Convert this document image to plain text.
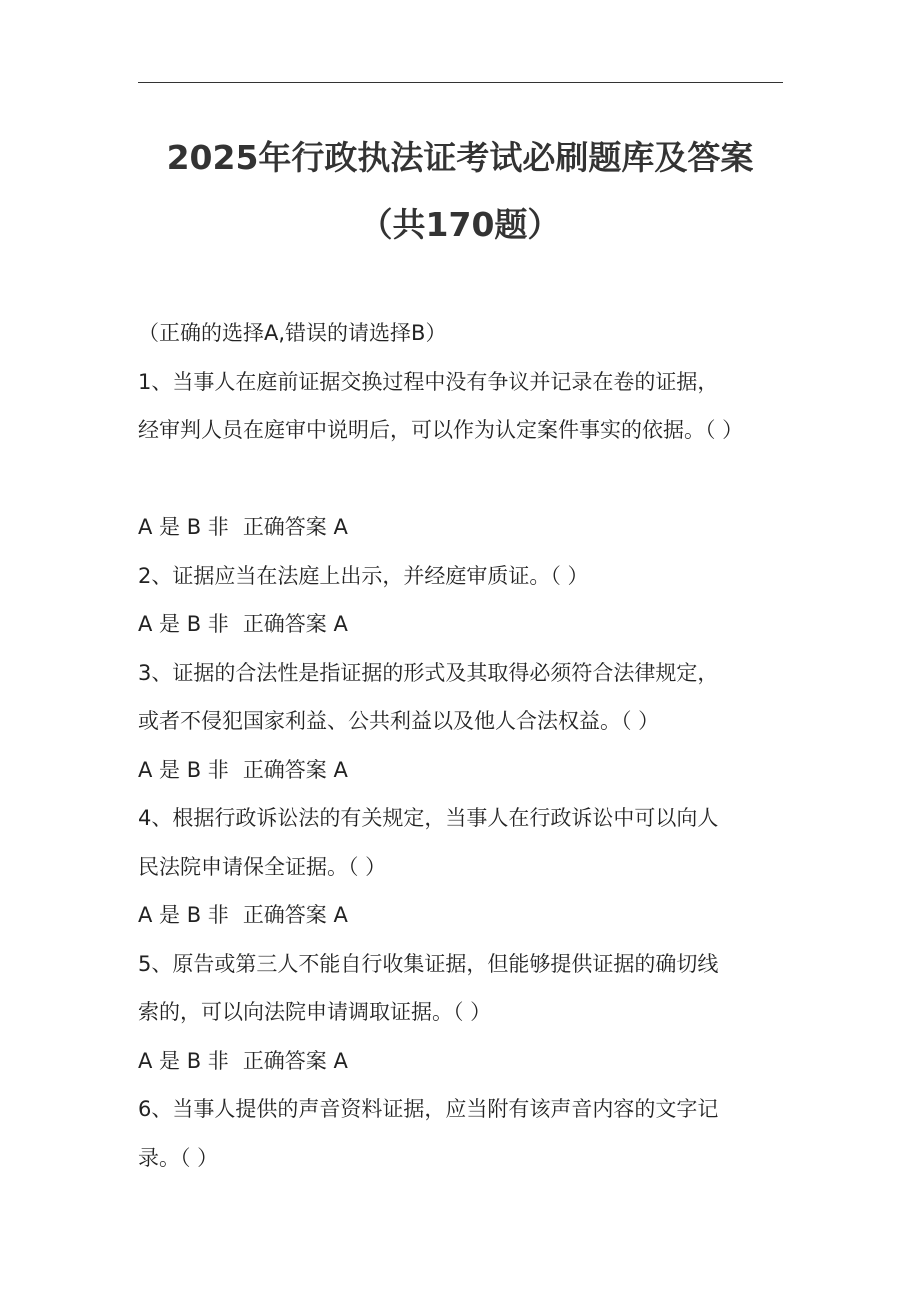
2025年行政执法证考试必刷题库及答案
（共170题）
（正确的选择A,错误的请选择B）
1、当事人在庭前证据交换过程中没有争议并记录在卷的证据，
经审判人员在庭审中说明后，可以作为认定案件事实的依据。（ ）
A 是 B 非 正确答案 A
2、证据应当在法庭上出示，并经庭审质证。（ ）
A 是 B 非 正确答案 A
3、证据的合法性是指证据的形式及其取得必须符合法律规定，
或者不侵犯国家利益、公共利益以及他人合法权益。（ ）
A 是 B 非 正确答案 A
4、根据行政诉讼法的有关规定，当事人在行政诉讼中可以向人
民法院申请保全证据。（ ）
A 是 B 非 正确答案 A
5、原告或第三人不能自行收集证据，但能够提供证据的确切线
索的，可以向法院申请调取证据。（ ）
A 是 B 非 正确答案 A
6、当事人提供的声音资料证据，应当附有该声音内容的文字记
录。（ ）
